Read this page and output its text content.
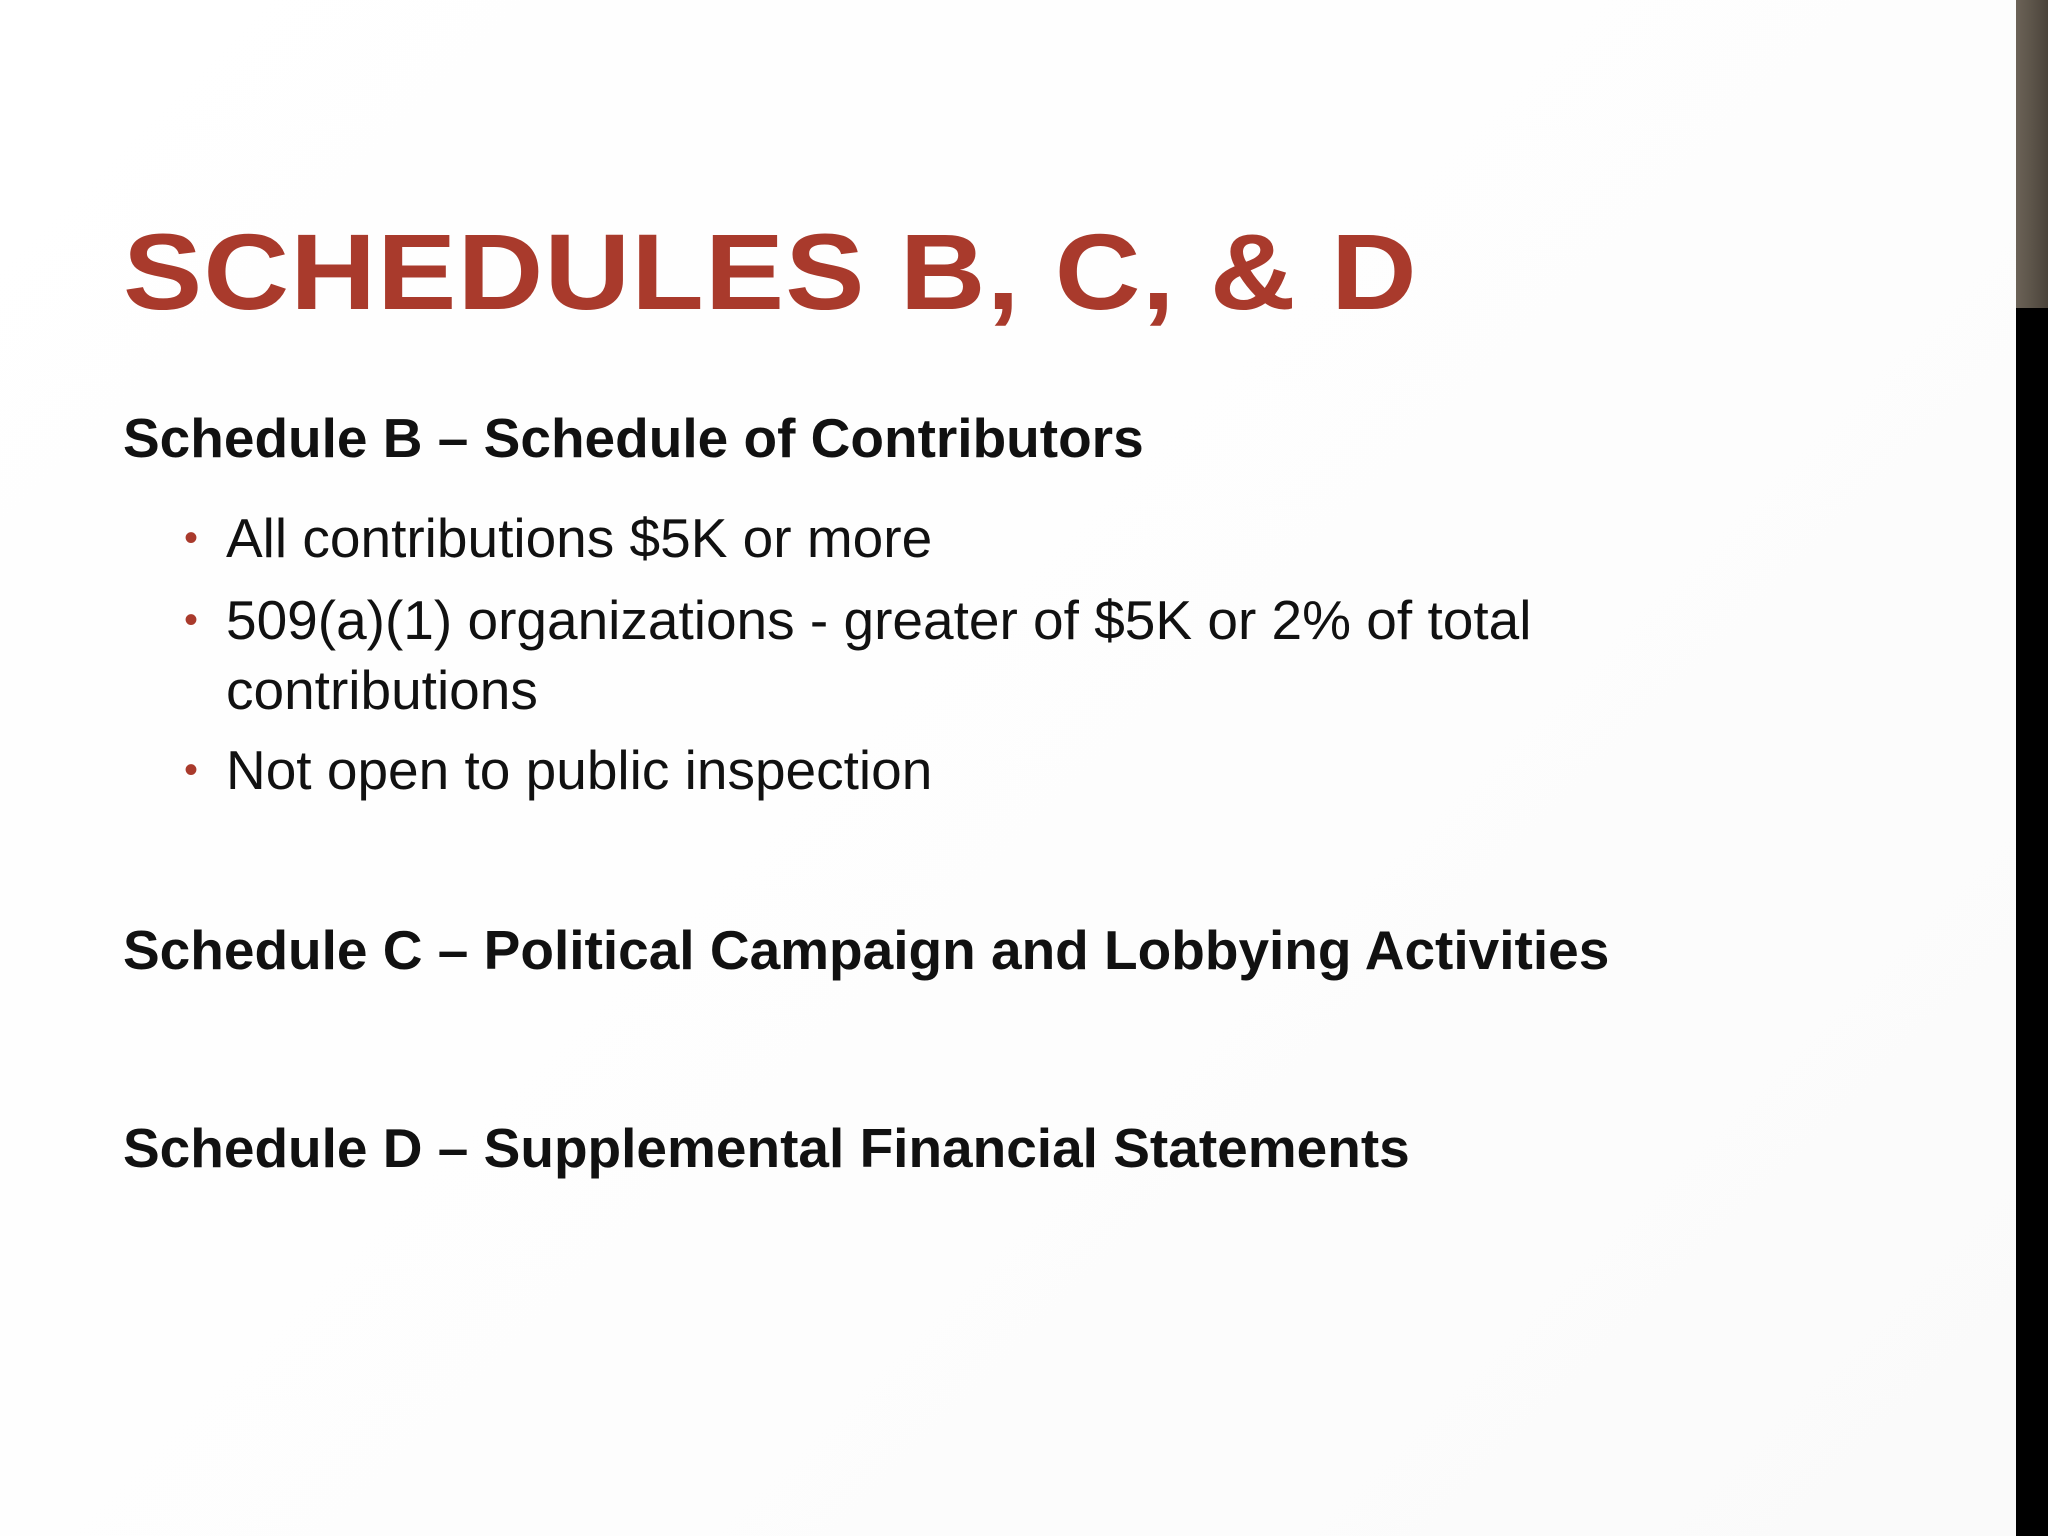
SCHEDULES B, C, & D
Schedule B – Schedule of Contributors
• All contributions $5K or more
• 509(a)(1) organizations - greater of $5K or 2% of total contributions
• Not open to public inspection
Schedule C – Political Campaign and Lobbying Activities
Schedule D – Supplemental Financial Statements
